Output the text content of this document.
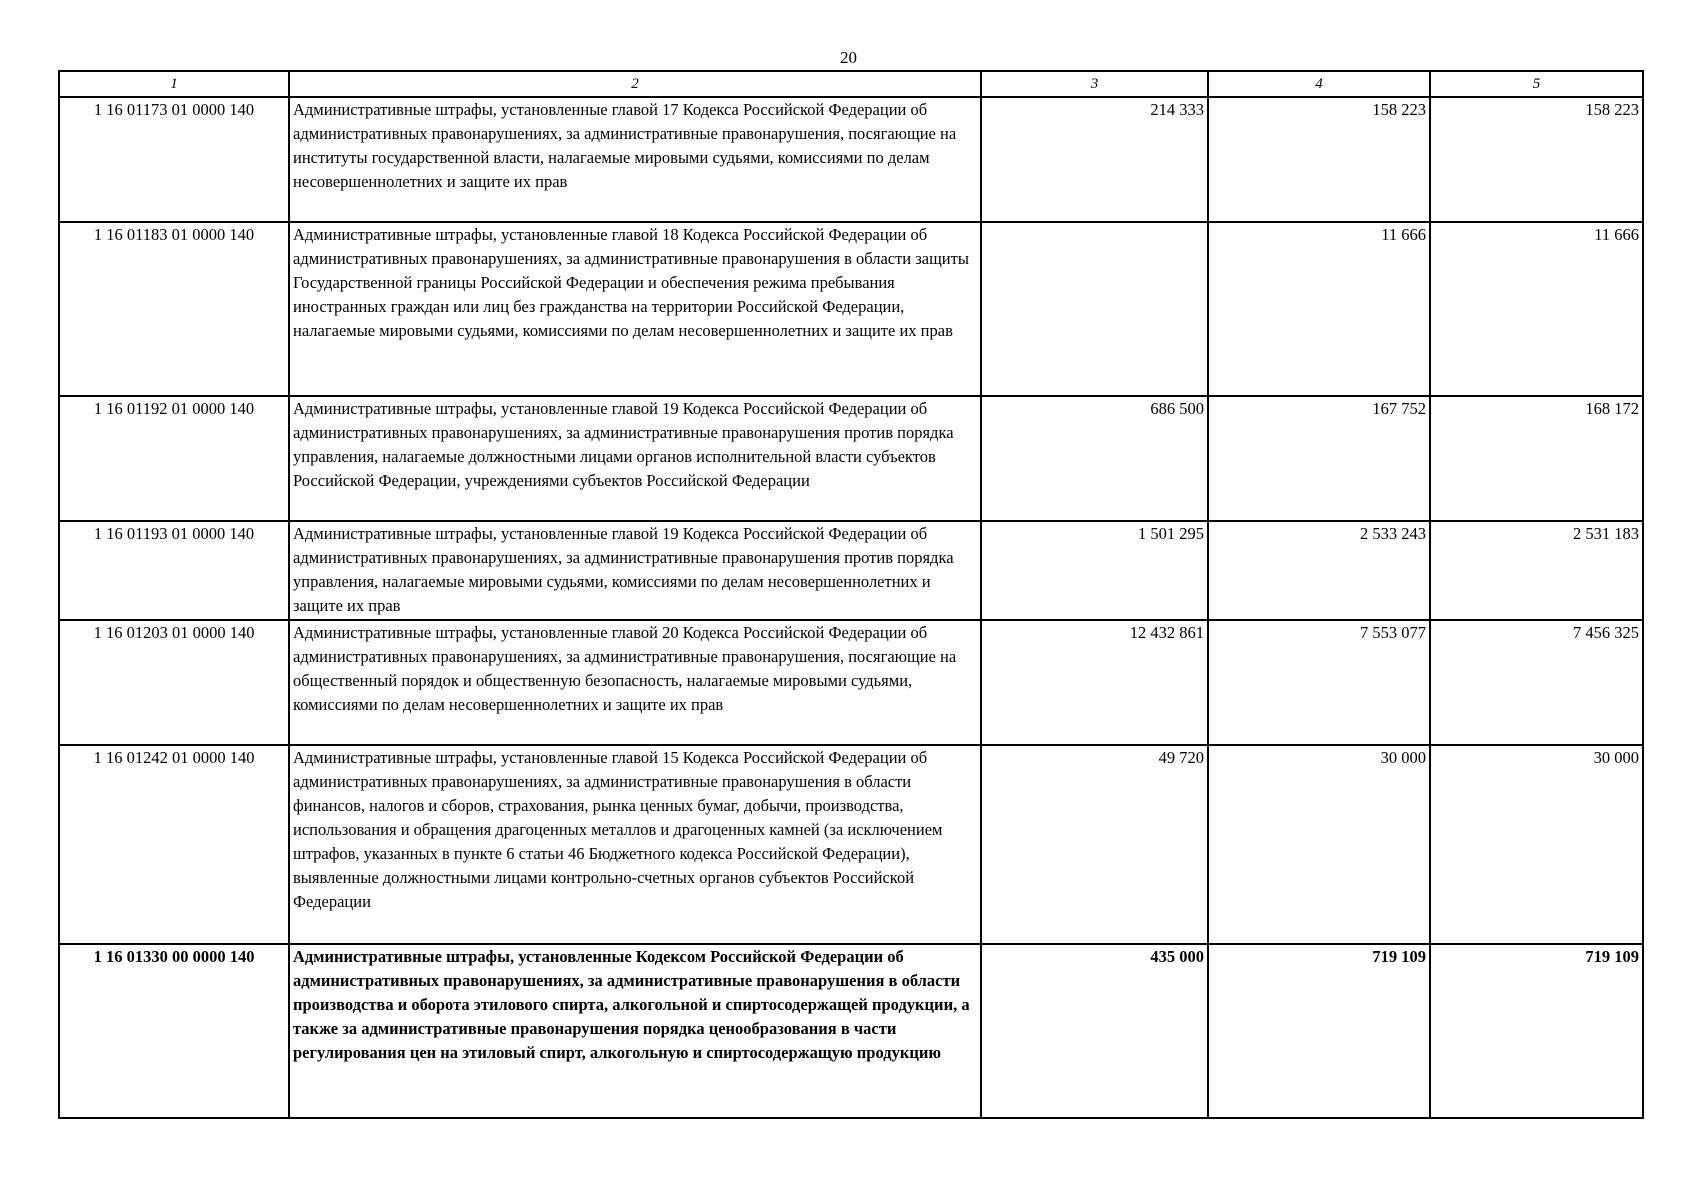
20
1	2	3	4	5
1 16 01173 01 0000 140	Административные штрафы, установленные главой 17 Кодекса Российской Федерации об административных правонарушениях, за административные правонарушения, посягающие на институты государственной власти, налагаемые мировыми судьями, комиссиями по делам несовершеннолетних и защите их прав	214 333	158 223	158 223
1 16 01183 01 0000 140	Административные штрафы, установленные главой 18 Кодекса Российской Федерации об административных правонарушениях, за административные правонарушения в области защиты Государственной границы Российской Федерации и обеспечения режима пребывания иностранных граждан или лиц без гражданства на территории Российской Федерации, налагаемые мировыми судьями, комиссиями по делам несовершеннолетних и защите их прав		11 666	11 666
1 16 01192 01 0000 140	Административные штрафы, установленные главой 19 Кодекса Российской Федерации об административных правонарушениях, за административные правонарушения против порядка управления, налагаемые должностными лицами органов исполнительной власти субъектов Российской Федерации, учреждениями субъектов Российской Федерации	686 500	167 752	168 172
1 16 01193 01 0000 140	Административные штрафы, установленные главой 19 Кодекса Российской Федерации об административных правонарушениях, за административные правонарушения против порядка управления, налагаемые мировыми судьями, комиссиями по делам несовершеннолетних и защите их прав	1 501 295	2 533 243	2 531 183
1 16 01203 01 0000 140	Административные штрафы, установленные главой 20 Кодекса Российской Федерации об административных правонарушениях, за административные правонарушения, посягающие на общественный порядок и общественную безопасность, налагаемые мировыми судьями, комиссиями по делам несовершеннолетних и защите их прав	12 432 861	7 553 077	7 456 325
1 16 01242 01 0000 140	Административные штрафы, установленные главой 15 Кодекса Российской Федерации об административных правонарушениях, за административные правонарушения в области финансов, налогов и сборов, страхования, рынка ценных бумаг, добычи, производства, использования и обращения драгоценных металлов и драгоценных камней (за исключением штрафов, указанных в пункте 6 статьи 46 Бюджетного кодекса Российской Федерации), выявленные должностными лицами контрольно-счетных органов субъектов Российской Федерации	49 720	30 000	30 000
1 16 01330 00 0000 140	Административные штрафы, установленные Кодексом Российской Федерации об административных правонарушениях, за административные правонарушения в области производства и оборота этилового спирта, алкогольной и спиртосодержащей продукции, а также за административные правонарушения порядка ценообразования в части регулирования цен на этиловый спирт, алкогольную и спиртосодержащую продукцию	435 000	719 109	719 109
